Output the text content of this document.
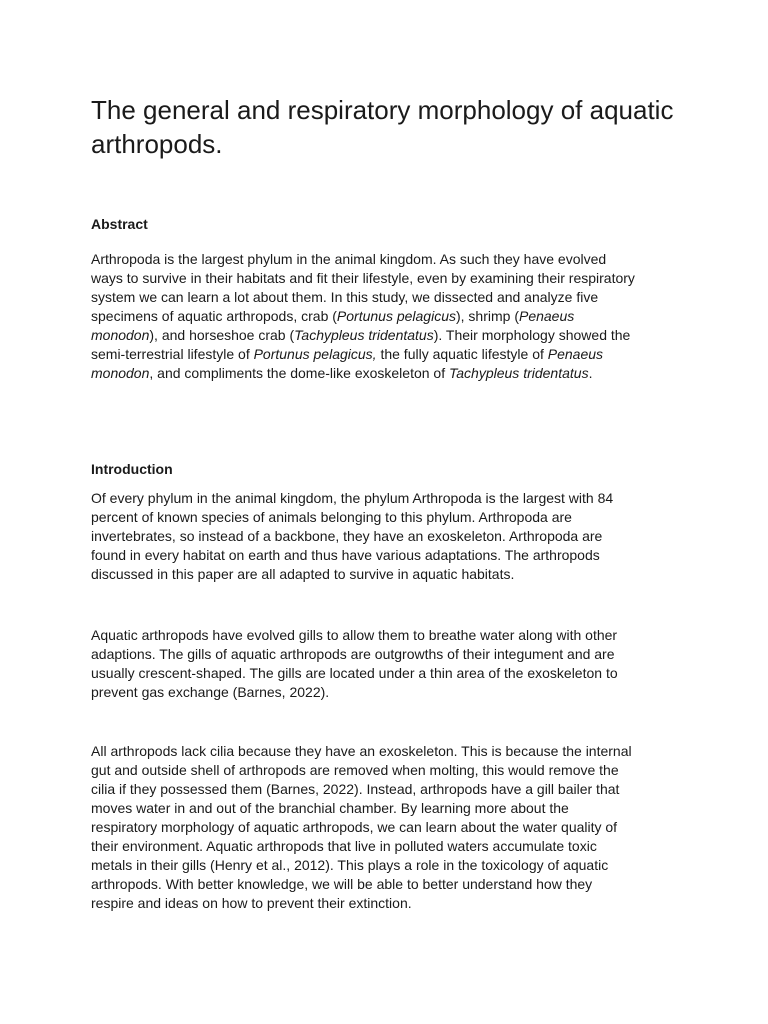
The general and respiratory morphology of aquatic arthropods.
Abstract
Arthropoda is the largest phylum in the animal kingdom. As such they have evolved
ways to survive in their habitats and fit their lifestyle, even by examining their respiratory
system we can learn a lot about them. In this study, we dissected and analyze five
specimens of aquatic arthropods, crab (Portunus pelagicus), shrimp (Penaeus
monodon), and horseshoe crab (Tachypleus tridentatus). Their morphology showed the
semi-terrestrial lifestyle of Portunus pelagicus, the fully aquatic lifestyle of Penaeus
monodon, and compliments the dome-like exoskeleton of Tachypleus tridentatus.
Introduction
Of every phylum in the animal kingdom, the phylum Arthropoda is the largest with 84
percent of known species of animals belonging to this phylum. Arthropoda are
invertebrates, so instead of a backbone, they have an exoskeleton. Arthropoda are
found in every habitat on earth and thus have various adaptations. The arthropods
discussed in this paper are all adapted to survive in aquatic habitats.
Aquatic arthropods have evolved gills to allow them to breathe water along with other
adaptions. The gills of aquatic arthropods are outgrowths of their integument and are
usually crescent-shaped. The gills are located under a thin area of the exoskeleton to
prevent gas exchange (Barnes, 2022).
All arthropods lack cilia because they have an exoskeleton. This is because the internal
gut and outside shell of arthropods are removed when molting, this would remove the
cilia if they possessed them (Barnes, 2022). Instead, arthropods have a gill bailer that
moves water in and out of the branchial chamber. By learning more about the
respiratory morphology of aquatic arthropods, we can learn about the water quality of
their environment. Aquatic arthropods that live in polluted waters accumulate toxic
metals in their gills (Henry et al., 2012). This plays a role in the toxicology of aquatic
arthropods. With better knowledge, we will be able to better understand how they
respire and ideas on how to prevent their extinction.
